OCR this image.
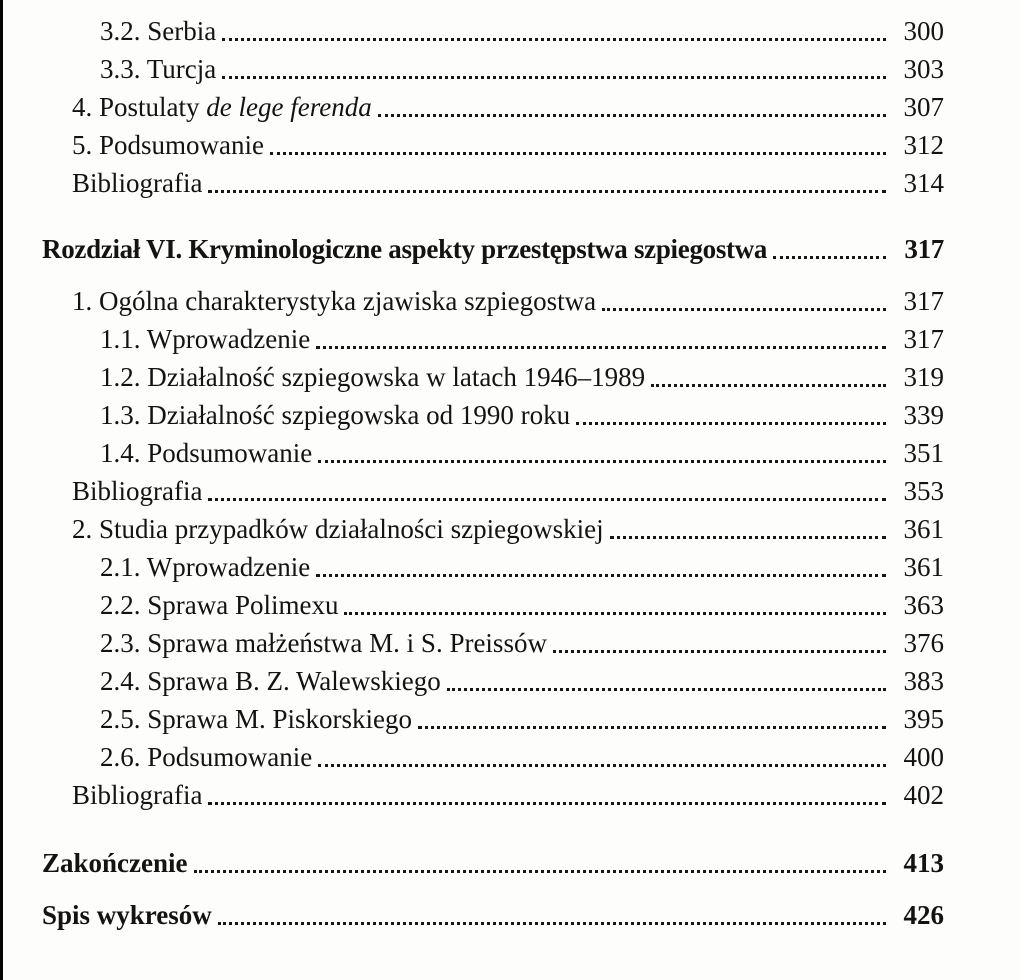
3.2. Serbia	300
3.3. Turcja	303
4. Postulaty de lege ferenda	307
5. Podsumowanie	312
Bibliografia	314
Rozdział VI. Kryminologiczne aspekty przestępstwa szpiegostwa	317
1. Ogólna charakterystyka zjawiska szpiegostwa	317
1.1. Wprowadzenie	317
1.2. Działalność szpiegowska w latach 1946–1989	319
1.3. Działalność szpiegowska od 1990 roku	339
1.4. Podsumowanie	351
Bibliografia	353
2. Studia przypadków działalności szpiegowskiej	361
2.1. Wprowadzenie	361
2.2. Sprawa Polimexu	363
2.3. Sprawa małżeństwa M. i S. Preissów	376
2.4. Sprawa B. Z. Walewskiego	383
2.5. Sprawa M. Piskorskiego	395
2.6. Podsumowanie	400
Bibliografia	402
Zakończenie	413
Spis wykresów	426
